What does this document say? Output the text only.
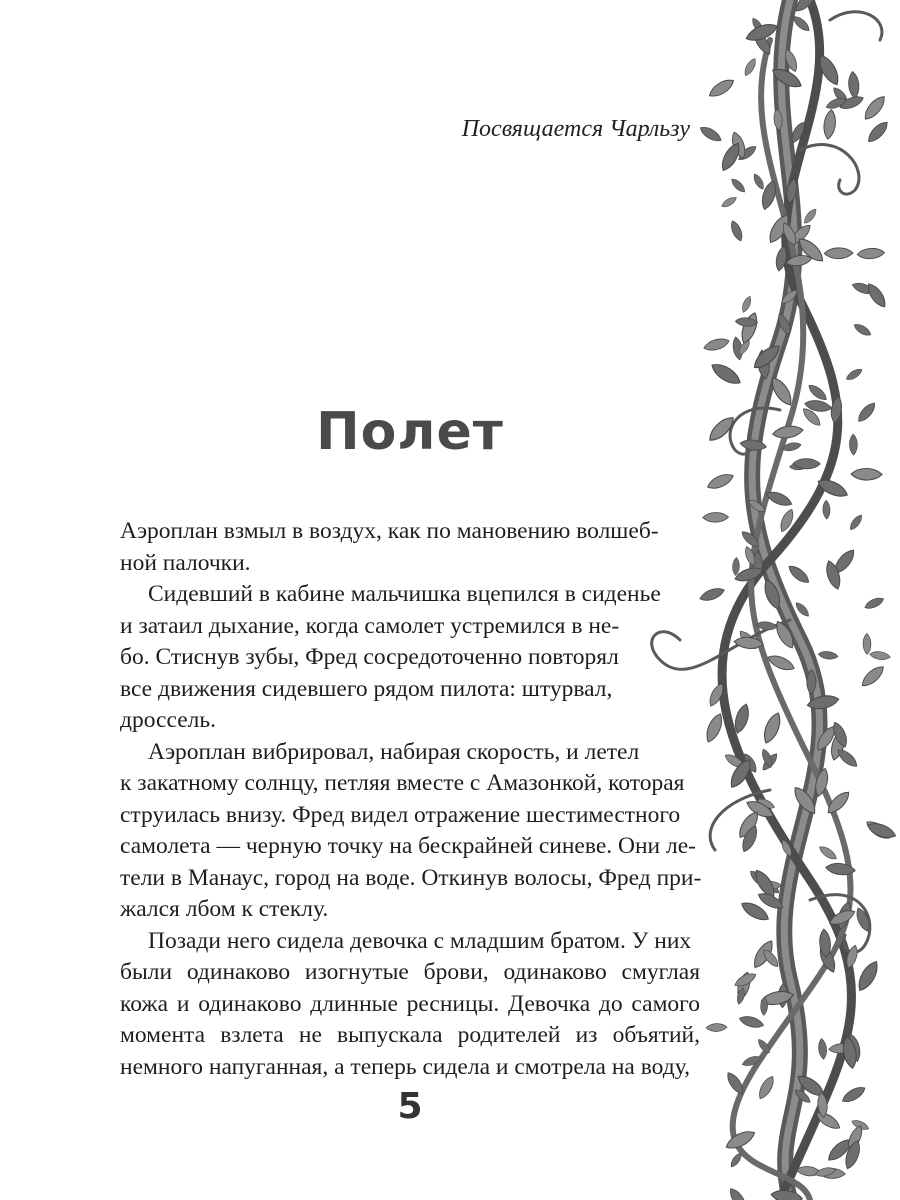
Посвящается Чарльзу
Полет
Аэроплан взмыл в воздух, как по мановению волшеб-
ной палочки.
Сидевший в кабине мальчишка вцепился в сиденье
и затаил дыхание, когда самолет устремился в не-
бо. Стиснув зубы, Фред сосредоточенно повторял
все движения сидевшего рядом пилота: штурвал,
дроссель.
Аэроплан вибрировал, набирая скорость, и летел
к закатному солнцу, петляя вместе с Амазонкой, которая
струилась внизу. Фред видел отражение шестиместного
самолета — черную точку на бескрайней синеве. Они ле-
тели в Манаус, город на воде. Откинув волосы, Фред при-
жался лбом к стеклу.
Позади него сидела девочка с младшим братом. У них
были одинаково изогнутые брови, одинаково смуглая
кожа и одинаково длинные ресницы. Девочка до самого
момента взлета не выпускала родителей из объятий,
немного напуганная, а теперь сидела и смотрела на воду,
5
